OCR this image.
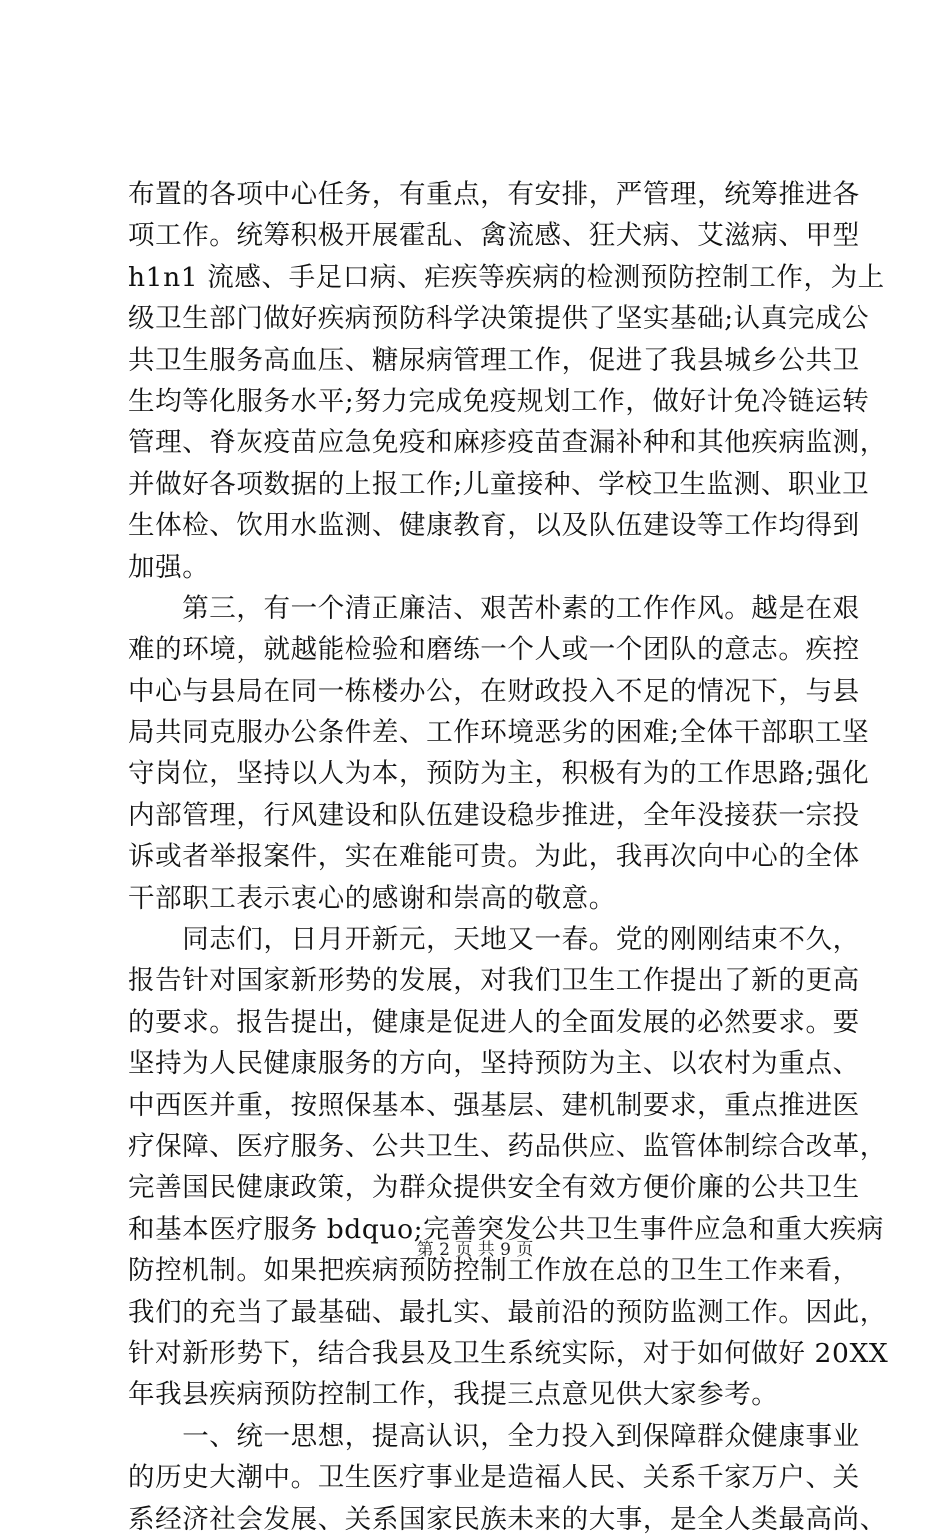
布置的各项中心任务，有重点，有安排，严管理，统筹推进各
项工作。统筹积极开展霍乱、禽流感、狂犬病、艾滋病、甲型
h1n1 流感、手足口病、疟疾等疾病的检测预防控制工作，为上
级卫生部门做好疾病预防科学决策提供了坚实基础;认真完成公
共卫生服务高血压、糖尿病管理工作，促进了我县城乡公共卫
生均等化服务水平;努力完成免疫规划工作，做好计免冷链运转
管理、脊灰疫苗应急免疫和麻疹疫苗查漏补种和其他疾病监测，
并做好各项数据的上报工作;儿童接种、学校卫生监测、职业卫
生体检、饮用水监测、健康教育，以及队伍建设等工作均得到
加强。
　　第三，有一个清正廉洁、艰苦朴素的工作作风。越是在艰
难的环境，就越能检验和磨练一个人或一个团队的意志。疾控
中心与县局在同一栋楼办公，在财政投入不足的情况下，与县
局共同克服办公条件差、工作环境恶劣的困难;全体干部职工坚
守岗位，坚持以人为本，预防为主，积极有为的工作思路;强化
内部管理，行风建设和队伍建设稳步推进，全年没接获一宗投
诉或者举报案件，实在难能可贵。为此，我再次向中心的全体
干部职工表示衷心的感谢和崇高的敬意。
　　同志们，日月开新元，天地又一春。党的刚刚结束不久，
报告针对国家新形势的发展，对我们卫生工作提出了新的更高
的要求。报告提出，健康是促进人的全面发展的必然要求。要
坚持为人民健康服务的方向，坚持预防为主、以农村为重点、
中西医并重，按照保基本、强基层、建机制要求，重点推进医
疗保障、医疗服务、公共卫生、药品供应、监管体制综合改革，
完善国民健康政策，为群众提供安全有效方便价廉的公共卫生
和基本医疗服务 bdquo;完善突发公共卫生事件应急和重大疾病
防控机制。如果把疾病预防控制工作放在总的卫生工作来看，
我们的充当了最基础、最扎实、最前沿的预防监测工作。因此，
针对新形势下，结合我县及卫生系统实际，对于如何做好 20XX
年我县疾病预防控制工作，我提三点意见供大家参考。
　　一、统一思想，提高认识，全力投入到保障群众健康事业
的历史大潮中。卫生医疗事业是造福人民、关系千家万户、关
系经济社会发展、关系国家民族未来的大事，是全人类最高尚、
第 2 页 共 9 页
